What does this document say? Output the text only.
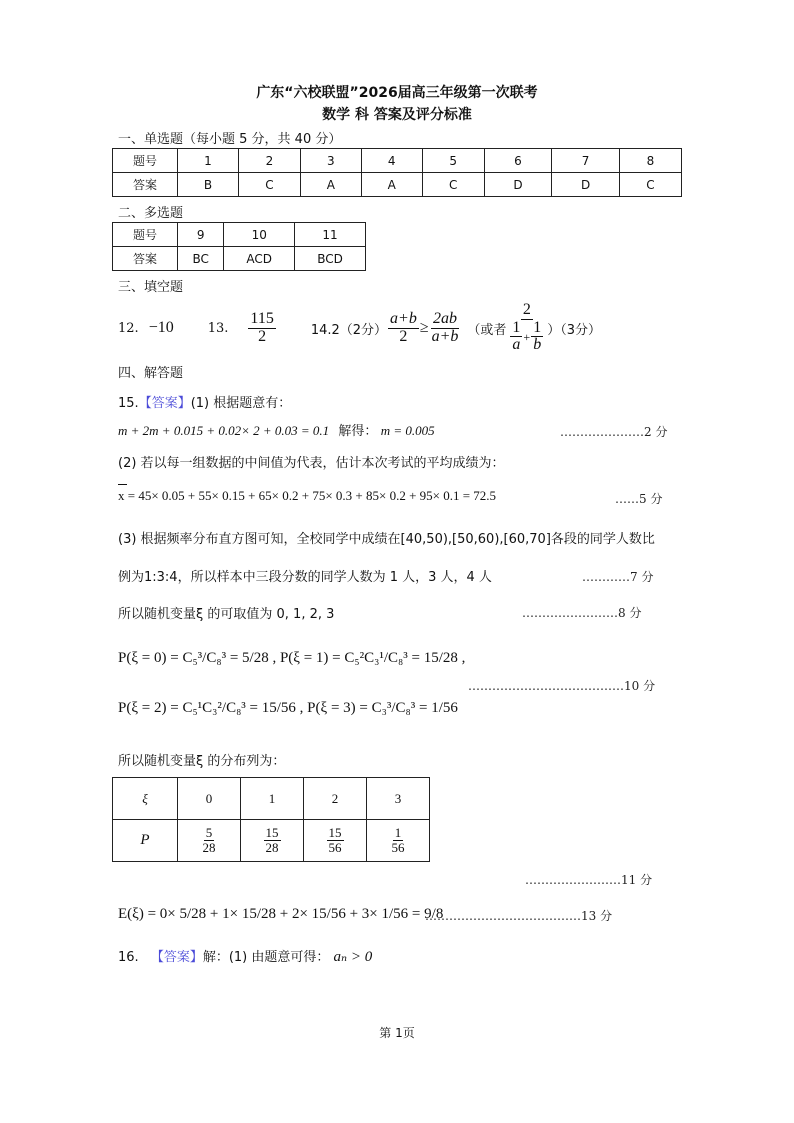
广东“六校联盟”2026届高三年级第一次联考
数学 科 答案及评分标准
一、单选题（每小题 5 分，共 40 分）
题号	1	2	3	4	5	6	7	8
答案	B	C	A	A	C	D	D	C
二、多选题
题号	9	10	11
答案	BC	ACD	BCD
三、填空题
12. −10	13. $\frac{115}{2}$	14.2（2分） $\frac{a+b}{2} \ge \frac{2ab}{a+b}$ （或者 $\frac{2}{\frac{1}{a} + \frac{1}{b}} )(3$分）
四、解答题
15.【答案】(1) 根据题意有：
m + 2m + 0.015 + 0.02× 2 + 0.03 = 0.1 解得： m = 0.005	…………………2 分
(2) 若以每一组数据的中间值为代表，估计本次考试的平均成绩为：
x = 45× 0.05 + 55× 0.15 + 65× 0.2 + 75× 0.3 + 85× 0.2 + 95× 0.1 = 72.5	……5 分
(3) 根据频率分布直方图可知，全校同学中成绩在[40,50),[50,60),[60,70]各段的同学人数比
例为1:3:4，所以样本中三段分数的同学人数为 1 人，3 人，4 人	…………7 分
所以随机变量ξ 的可取值为 0, 1, 2, 3	……………………8 分
P(ξ = 0) = C₅³/C₈³ = 5/28 , P(ξ = 1) = C₅²C₃¹/C₈³ = 15/28 ,
P(ξ = 2) = C₅¹C₃²/C₈³ = 15/56 , P(ξ = 3) = C₃³/C₈³ = 1/56
…………………………………10 分
所以随机变量ξ 的分布列为：
ξ	0	1	2	3
P	$\frac{5}{28}$	$\frac{15}{28}$	$\frac{15}{56}$	$\frac{1}{56}$
……………………11 分
E(ξ) = 0× 5/28 + 1× 15/28 + 2× 15/56 + 3× 1/56 = 9/8
…………………………………13 分
16. 【答案】解：(1) 由题意可得： aₙ > 0
第 1页
